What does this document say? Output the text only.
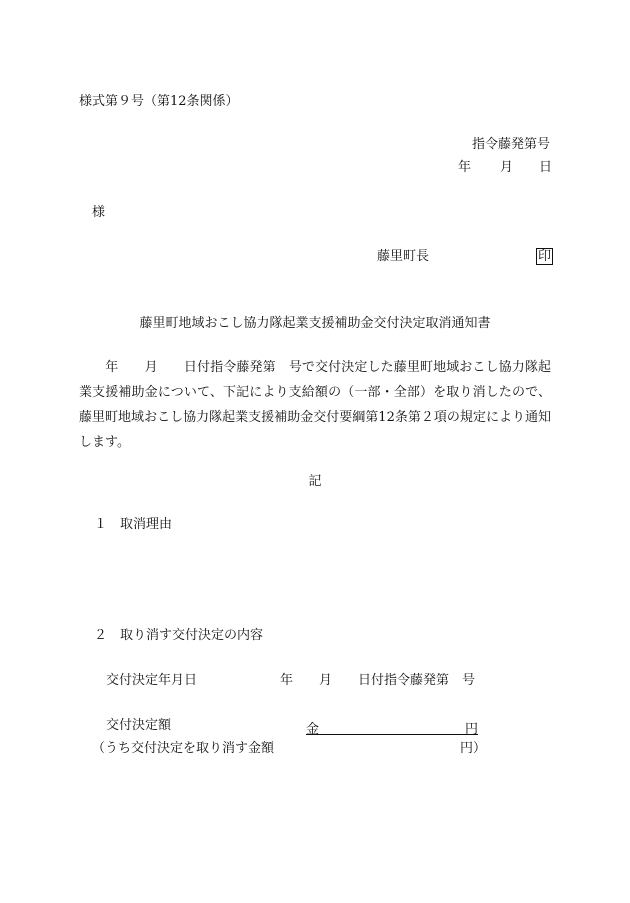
様式第９号（第12条関係）
指令藤発第号
年 月 日
様
藤里町長	印
藤里町地域おこし協力隊起業支援補助金交付決定取消通知書
　　年　　月　　日付指令藤発第　号で交付決定した藤里町地域おこし協力隊起業支援補助金について、下記により支給額の（一部・全部）を取り消したので、藤里町地域おこし協力隊起業支援補助金交付要綱第12条第２項の規定により通知します。
記
１ 取消理由
２ 取り消す交付決定の内容
交付決定年月日	年　　月　　日付指令藤発第　号
交付決定額	金	円
（うち交付決定を取り消す金額	円）
